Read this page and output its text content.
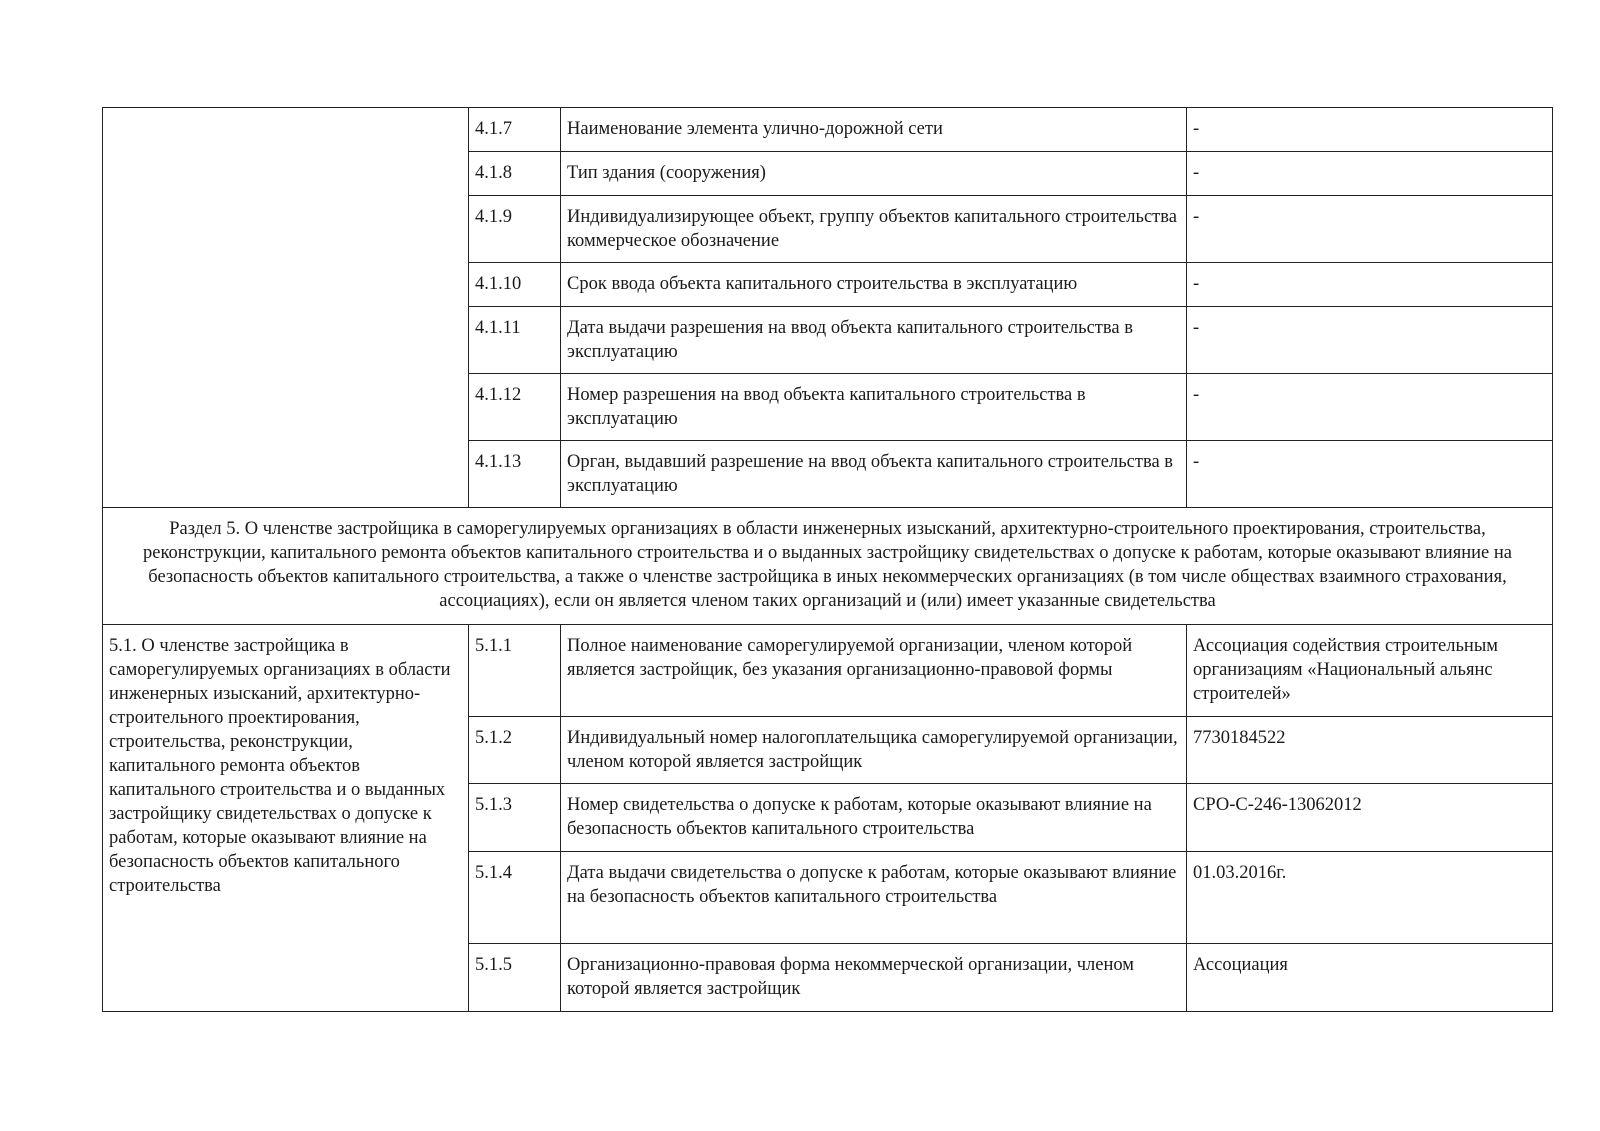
	4.1.7	Наименование элемента улично-дорожной сети	-
	4.1.8	Тип здания (сооружения)	-
	4.1.9	Индивидуализирующее объект, группу объектов капитального строительства коммерческое обозначение	-
	4.1.10	Срок ввода объекта капитального строительства в эксплуатацию	-
	4.1.11	Дата выдачи разрешения на ввод объекта капитального строительства в эксплуатацию	-
	4.1.12	Номер разрешения на ввод объекта капитального строительства в эксплуатацию	-
	4.1.13	Орган, выдавший разрешение на ввод объекта капитального строительства в эксплуатацию	-
Раздел 5. О членстве застройщика в саморегулируемых организациях в области инженерных изысканий, архитектурно-строительного проектирования, строительства, реконструкции, капитального ремонта объектов капитального строительства и о выданных застройщику свидетельствах о допуске к работам, которые оказывают влияние на безопасность объектов капитального строительства, а также о членстве застройщика в иных некоммерческих организациях (в том числе обществах взаимного страхования, ассоциациях), если он является членом таких организаций и (или) имеет указанные свидетельства			
5.1. О членстве застройщика в саморегулируемых организациях в области инженерных изысканий, архитектурно-строительного проектирования, строительства, реконструкции, капитального ремонта объектов капитального строительства и о выданных застройщику свидетельствах о допуске к работам, которые оказывают влияние на безопасность объектов капитального строительства	5.1.1	Полное наименование саморегулируемой организации, членом которой является застройщик, без указания организационно-правовой формы	Ассоциация содействия строительным организациям «Национальный альянс строителей»
	5.1.2	Индивидуальный номер налогоплательщика саморегулируемой организации, членом которой является застройщик	7730184522
	5.1.3	Номер свидетельства о допуске к работам, которые оказывают влияние на безопасность объектов капитального строительства	СРО-С-246-13062012
	5.1.4	Дата выдачи свидетельства о допуске к работам, которые оказывают влияние на безопасность объектов капитального строительства	01.03.2016г.
	5.1.5	Организационно-правовая форма некоммерческой организации, членом которой является застройщик	Ассоциация
